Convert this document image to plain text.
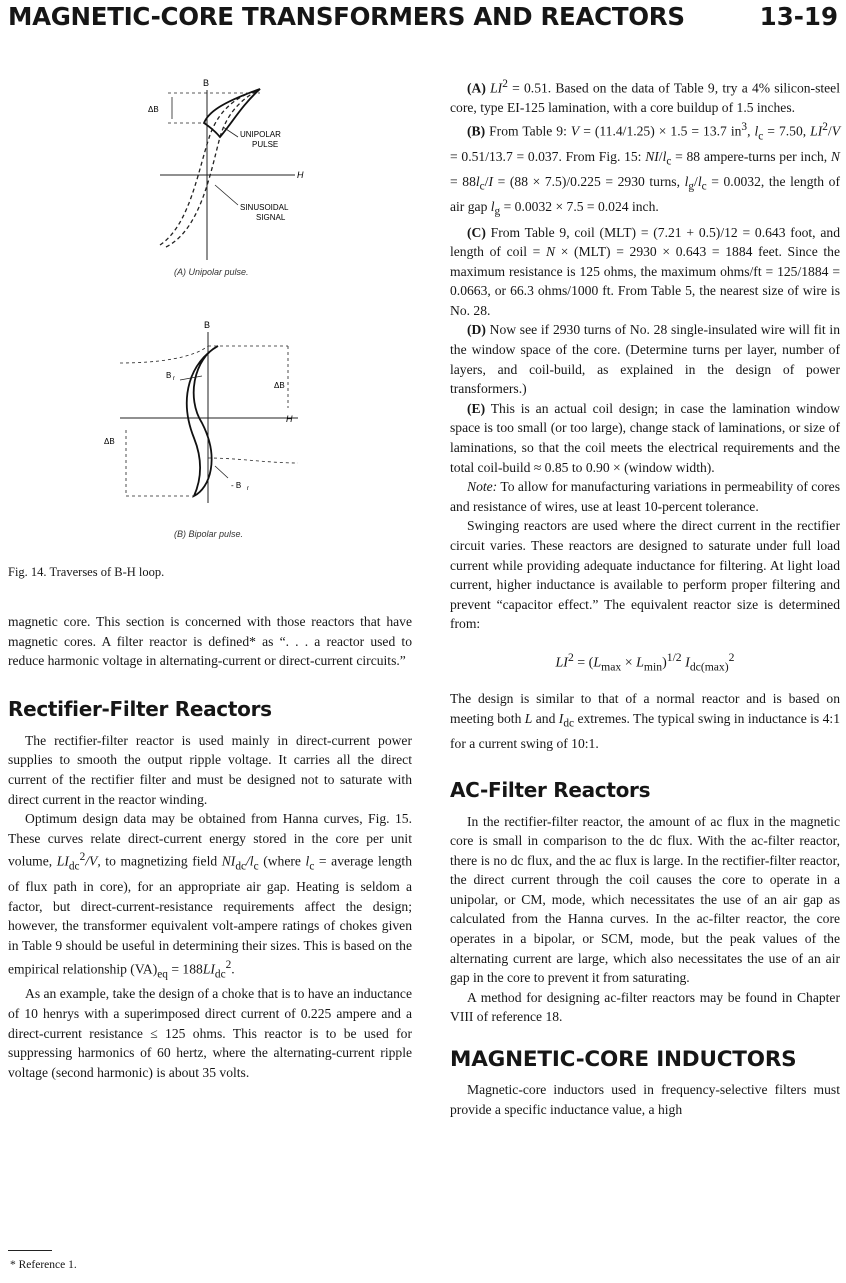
MAGNETIC-CORE TRANSFORMERS AND REACTORS	13-19
B
H
ΔB
UNIPOLAR
PULSE
SINUSOIDAL
SIGNAL
(A) Unipolar pulse.
B
H
B r
- B r
ΔB
ΔB
(B) Bipolar pulse.
Fig. 14. Traverses of B-H loop.

magnetic core. This section is concerned with those reactors that have magnetic cores. A filter reactor is defined* as “. . . a reactor used to reduce harmonic voltage in alternating-current or direct-current circuits.”

Rectifier-Filter Reactors

The rectifier-filter reactor is used mainly in direct-current power supplies to smooth the output ripple voltage. It carries all the direct current of the rectifier filter and must be designed not to saturate with direct current in the reactor winding.

Optimum design data may be obtained from Hanna curves, Fig. 15. These curves relate direct-current energy stored in the core per unit volume, $LI_{dc}^2/V$, to magnetizing field $NI_{dc}/l_c$ (where $l_c$ = average length of flux path in core), for an appropriate air gap. Heating is seldom a factor, but direct-current-resistance requirements affect the design; however, the transformer equivalent volt-ampere ratings of chokes given in Table 9 should be useful in determining their sizes. This is based on the empirical relationship $(VA)_{eq} = 188LI_{dc}^2$.

As an example, take the design of a choke that is to have an inductance of 10 henrys with a superimposed direct current of 0.225 ampere and a direct-current resistance ≤ 125 ohms. This reactor is to be used for suppressing harmonics of 60 hertz, where the alternating-current ripple voltage (second harmonic) is about 35 volts.

* Reference 1.

(A) $LI^2 = 0.51$. Based on the data of Table 9, try a 4% silicon-steel core, type EI-125 lamination, with a core buildup of 1.5 inches.

(B) From Table 9: V = (11.4/1.25) × 1.5 = 13.7 $in^3$, $l_c = 7.50$, $LI^2/V = 0.51/13.7 = 0.037$. From Fig. 15: $NI/l_c = 88$ ampere-turns per inch, $N = 88l_c/I = (88 \times 7.5)/0.225 = 2930$ turns, $l_g/l_c = 0.0032$, the length of air gap $l_g = 0.0032 \times 7.5 = 0.024$ inch.

(C) From Table 9, coil (MLT) = (7.21 + 0.5)/12 = 0.643 foot, and length of coil = N × (MLT) = 2930 × 0.643 = 1884 feet. Since the maximum resistance is 125 ohms, the maximum ohms/ft = 125/1884 = 0.0663, or 66.3 ohms/1000 ft. From Table 5, the nearest size of wire is No. 28.

(D) Now see if 2930 turns of No. 28 single-insulated wire will fit in the window space of the core. (Determine turns per layer, number of layers, and coil-build, as explained in the design of power transformers.)

(E) This is an actual coil design; in case the lamination window space is too small (or too large), change stack of laminations, or size of laminations, so that the coil meets the electrical requirements and the total coil-build ≈ 0.85 to 0.90 × (window width).

Note: To allow for manufacturing variations in permeability of cores and resistance of wires, use at least 10-percent tolerance.

Swinging reactors are used where the direct current in the rectifier circuit varies. These reactors are designed to saturate under full load current while providing adequate inductance for filtering. At light load current, higher inductance is available to perform proper filtering and prevent “capacitor effect.” The equivalent reactor size is determined from:

$LI^2 = (L_{max} \times L_{min})^{1/2}$ $I_{dc(max)}^2$

The design is similar to that of a normal reactor and is based on meeting both L and $I_{dc}$ extremes. The typical swing in inductance is 4:1 for a current swing of 10:1.

AC-Filter Reactors

In the rectifier-filter reactor, the amount of ac flux in the magnetic core is small in comparison to the dc flux. With the ac-filter reactor, there is no dc flux, and the ac flux is large. In the rectifier-filter reactor, the direct current through the coil causes the core to operate in a unipolar, or CM, mode, which necessitates the use of an air gap as calculated from the Hanna curves. In the ac-filter reactor, the core operates in a bipolar, or SCM, mode, but the peak values of the alternating current are large, which also necessitates the use of an air gap in the core to prevent it from saturating.

A method for designing ac-filter reactors may be found in Chapter VIII of reference 18.

MAGNETIC-CORE INDUCTORS

Magnetic-core inductors used in frequency-selective filters must provide a specific inductance value, a high
